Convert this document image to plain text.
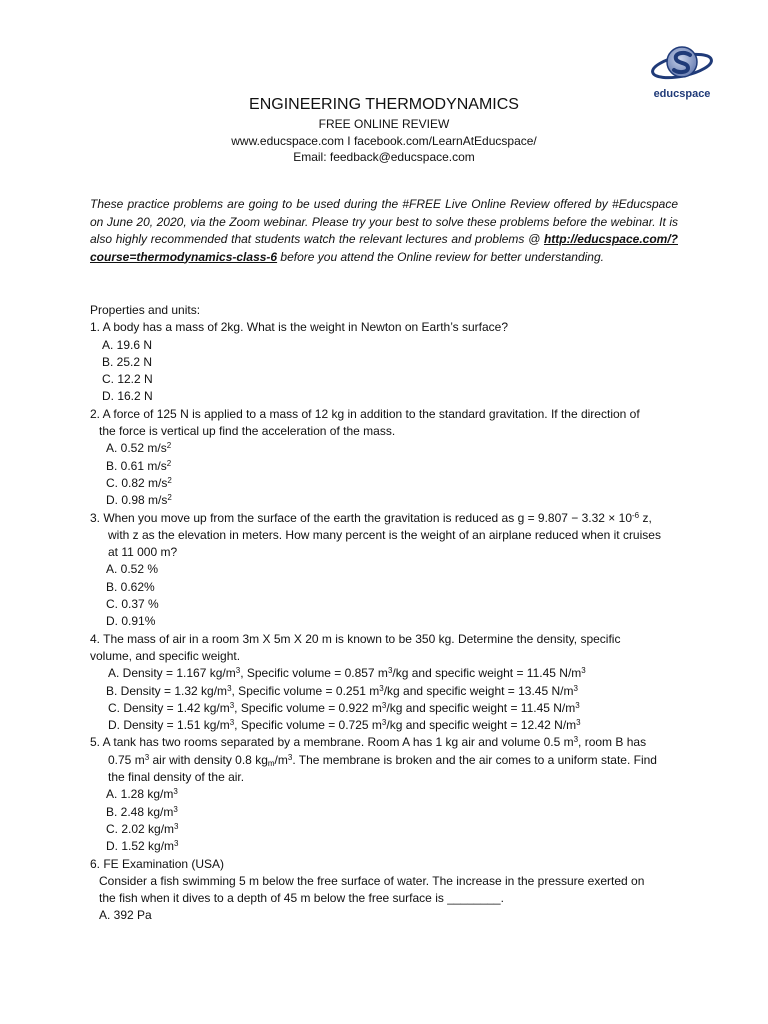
educspace
ENGINEERING THERMODYNAMICS
FREE ONLINE REVIEW
www.educspace.com I facebook.com/LearnAtEducspace/
Email: feedback@educspace.com
These practice problems are going to be used during the #FREE Live Online Review offered by #Educspace on June 20, 2020, via the Zoom webinar. Please try your best to solve these problems before the webinar. It is also highly recommended that students watch the relevant lectures and problems @ http://educspace.com/?course=thermodynamics-class-6 before you attend the Online review for better understanding.
Properties and units:
1. A body has a mass of 2kg. What is the weight in Newton on Earth’s surface?
A. 19.6 N
B. 25.2 N
C. 12.2 N
D. 16.2 N
2. A force of 125 N is applied to a mass of 12 kg in addition to the standard gravitation. If the direction of
the force is vertical up find the acceleration of the mass.
A. 0.52 $m/s^2$
B. 0.61 $m/s^2$
C. 0.82 $m/s^2$
D. 0.98 $m/s^2$
3. When you move up from the surface of the earth the gravitation is reduced as $g = 9.807 - 3.32 \times 10^{-6}$ z,
with z as the elevation in meters. How many percent is the weight of an airplane reduced when it cruises
at 11 000 m?
A. 0.52 %
B. 0.62%
C. 0.37 %
D. 0.91%
4. The mass of air in a room 3m X 5m X 20 m is known to be 350 kg. Determine the density, specific
volume, and specific weight.
A. Density = 1.167 $kg/m^3$, Specific volume = 0.857 $m^3/kg$ and specific weight = 11.45 $N/m^3$
B. Density = 1.32 $kg/m^3$, Specific volume = 0.251 $m^3/kg$ and specific weight = 13.45 $N/m^3$
C. Density = 1.42 $kg/m^3$, Specific volume = 0.922 $m^3/kg$ and specific weight = 11.45 $N/m^3$
D. Density = 1.51 $kg/m^3$, Specific volume = 0.725 $m^3/kg$ and specific weight = 12.42 $N/m^3$
5. A tank has two rooms separated by a membrane. Room A has 1 kg air and volume 0.5 $m^3$, room B has
0.75 $m^3$ air with density 0.8 $kg_m/m^3$. The membrane is broken and the air comes to a uniform state. Find
the final density of the air.
A. 1.28 $kg/m^3$
B. 2.48 $kg/m^3$
C. 2.02 $kg/m^3$
D. 1.52 $kg/m^3$
6. FE Examination (USA)
Consider a fish swimming 5 m below the free surface of water. The increase in the pressure exerted on
the fish when it dives to a depth of 45 m below the free surface is ________.
A. 392 Pa
